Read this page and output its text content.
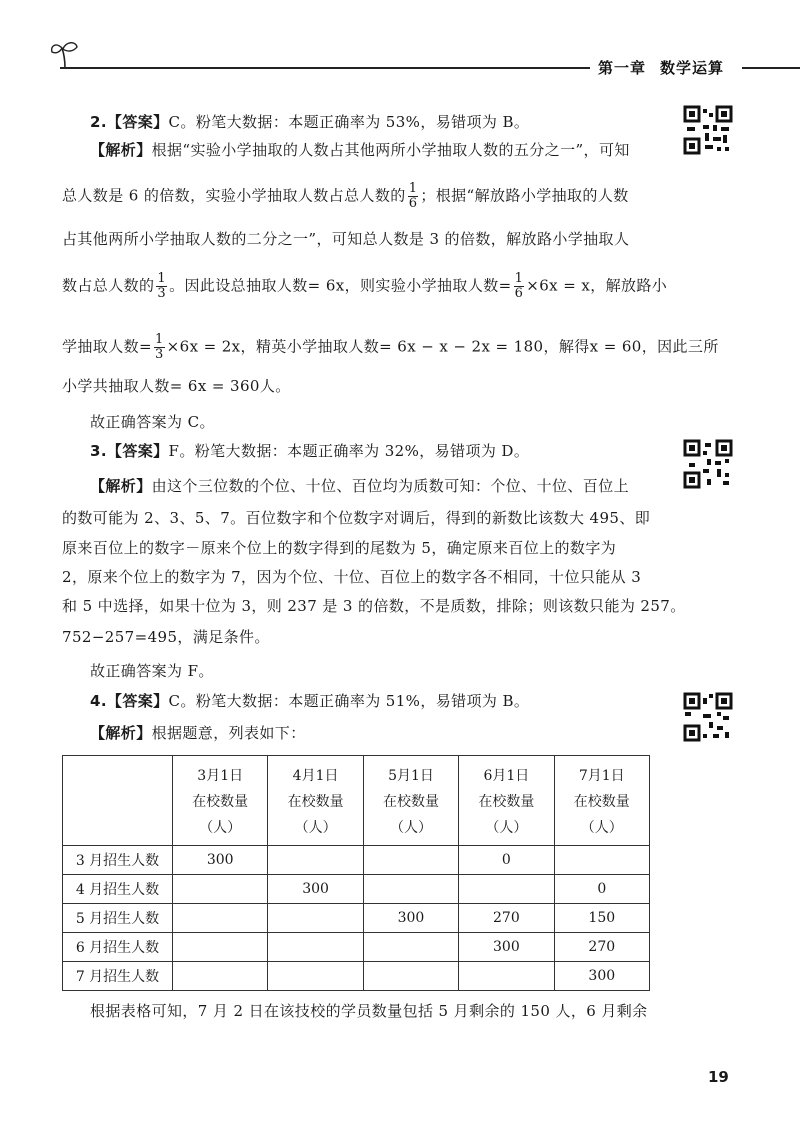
第一章 数学运算
2.【答案】C。粉笔大数据：本题正确率为 53%，易错项为 B。
【解析】根据“实验小学抽取的人数占其他两所小学抽取人数的五分之一”，可知
总人数是 6 的倍数，实验小学抽取人数占总人数的 $\frac{1}{6}$ ；根据“解放路小学抽取的人数
占其他两所小学抽取人数的二分之一”，可知总人数是 3 的倍数，解放路小学抽取人
数占总人数的 $\frac{1}{3}$ 。因此设总抽取人数= 6x，则实验小学抽取人数= $\frac{1}{6} \times 6x = x$，解放路小
学抽取人数= $\frac{1}{3} \times 6x = 2x$，精英小学抽取人数= 6x − x − 2x = 180，解得x = 60，因此三所
小学共抽取人数= 6x = 360人。
故正确答案为 C。
3.【答案】F。粉笔大数据：本题正确率为 32%，易错项为 D。
【解析】由这个三位数的个位、十位、百位均为质数可知：个位、十位、百位上
的数可能为 2、3、5、7。百位数字和个位数字对调后，得到的新数比该数大 495、即
原来百位上的数字－原来个位上的数字得到的尾数为 5，确定原来百位上的数字为
2，原来个位上的数字为 7，因为个位、十位、百位上的数字各不相同，十位只能从 3
和 5 中选择，如果十位为 3，则 237 是 3 的倍数，不是质数，排除；则该数只能为 257。
752−257=495，满足条件。
故正确答案为 F。
4.【答案】C。粉笔大数据：本题正确率为 51%，易错项为 B。
【解析】根据题意，列表如下：
	3月1日
在校数量
（人）	4月1日
在校数量
（人）	5月1日
在校数量
（人）	6月1日
在校数量
（人）	7月1日
在校数量
（人）
3 月招生人数	300			0	
4 月招生人数		300			0
5 月招生人数			300	270	150
6 月招生人数				300	270
7 月招生人数					300
根据表格可知，7 月 2 日在该技校的学员数量包括 5 月剩余的 150 人，6 月剩余
19
